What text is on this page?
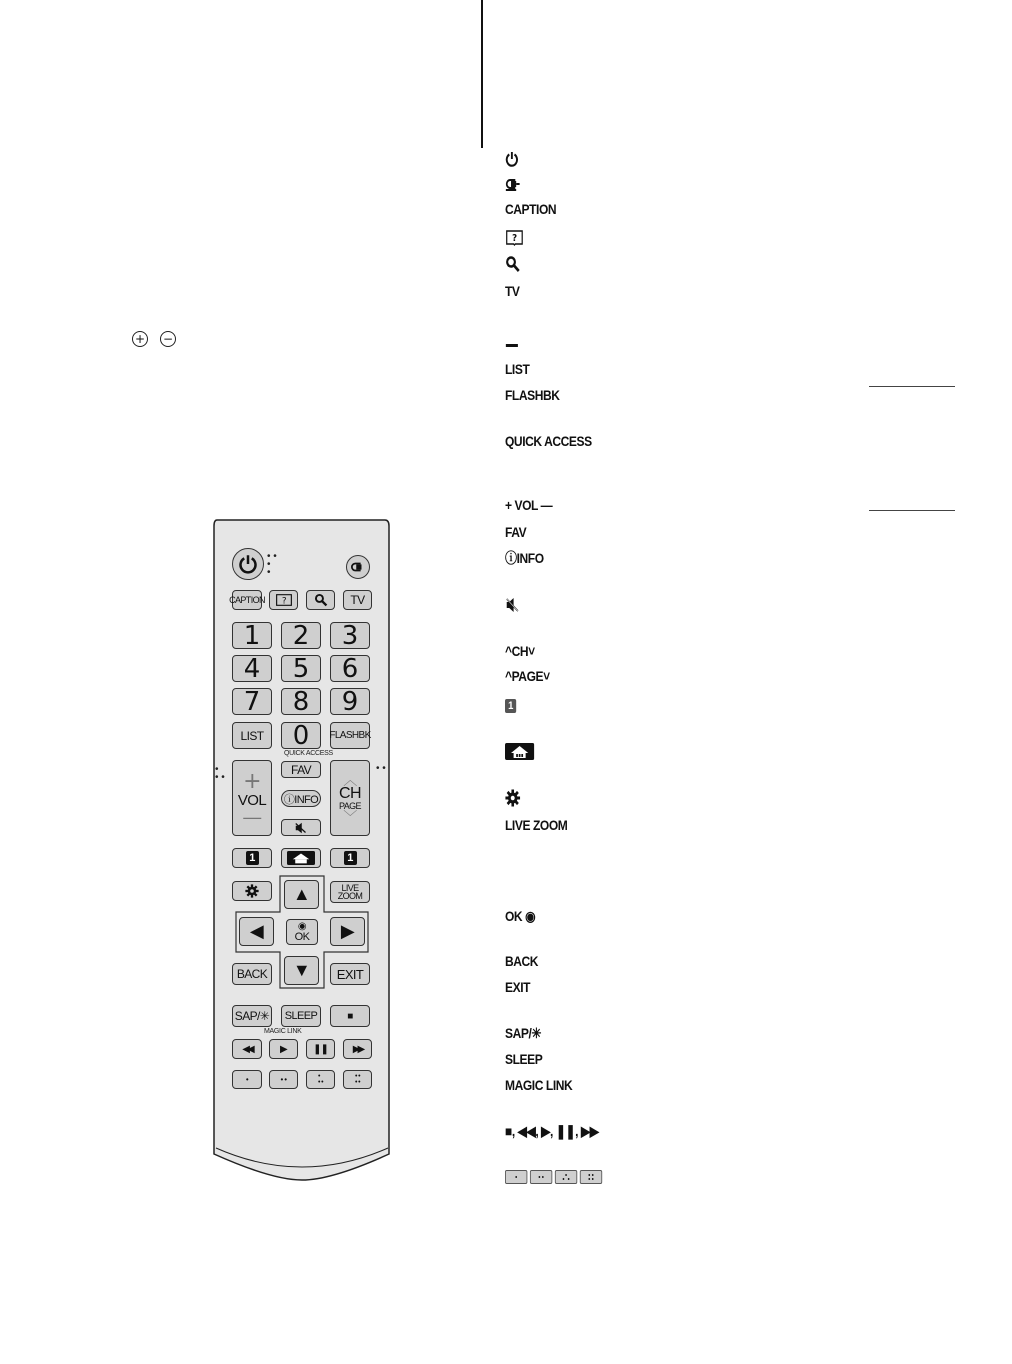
+ −
CAPTION
?
TV
LIST
FLASHBK
QUICK ACCESS
+ VOL —
FAV
ⓘINFO
^CH˅
^PAGE˅
1
LIVE ZOOM
OK ◉
BACK
EXIT
SAP/✳
SLEEP
MAGIC LINK
■, ◀◀, ▶, ❚❚, ▶▶
• •
•
•
CAPTION ?	TV
1	2	3
4	5	6
7	8	9
LIST	0	FLASHBK
QUICK ACCESS
•
• • +
VOL
—
FAV
ⓘINFO
︿
CH
PAGE
﹀
• •
1	1
▲	LIVE
ZOOM
◀	◉
OK ▶
BACK ▼	EXIT
SAP/✳	SLEEP	■
MAGIC LINK
◀◀	▶	❚❚ ▶▶
•	• •	•
• •
• •
• •
